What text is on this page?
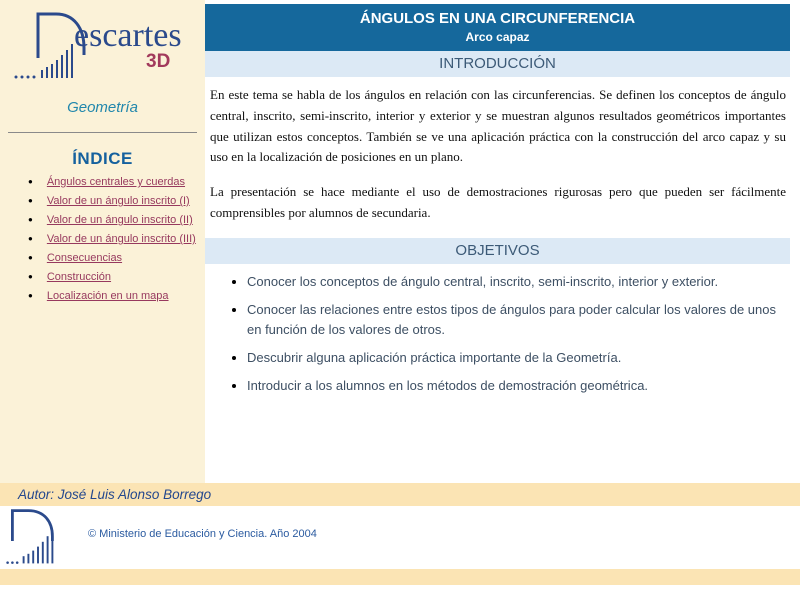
escartes
3D
Geometría
ÍNDICE
● Ángulos centrales y cuerdas
● Valor de un ángulo inscrito (I)
● Valor de un ángulo inscrito (II)
● Valor de un ángulo inscrito (III)
● Consecuencias
● Construcción
● Localización en un mapa
ÁNGULOS EN UNA CIRCUNFERENCIA
Arco capaz
INTRODUCCIÓN

En este tema se habla de los ángulos en relación con las circunferencias. Se definen los conceptos de ángulo central, inscrito, semi-inscrito, interior y exterior y se muestran algunos resultados geométricos importantes que utilizan estos conceptos. También se ve una aplicación práctica con la construcción del arco capaz y su uso en la localización de posiciones en un plano.

La presentación se hace mediante el uso de demostraciones rigurosas pero que pueden ser fácilmente comprensibles por alumnos de secundaria.

OBJETIVOS
• Conocer los conceptos de ángulo central, inscrito, semi-inscrito, interior y exterior.
• Conocer las relaciones entre estos tipos de ángulos para poder calcular los valores de unos en función de los valores de otros.
• Descubrir alguna aplicación práctica importante de la Geometría.
• Introducir a los alumnos en los métodos de demostración geométrica.
Autor: José Luis Alonso Borrego
© Ministerio de Educación y Ciencia. Año 2004
